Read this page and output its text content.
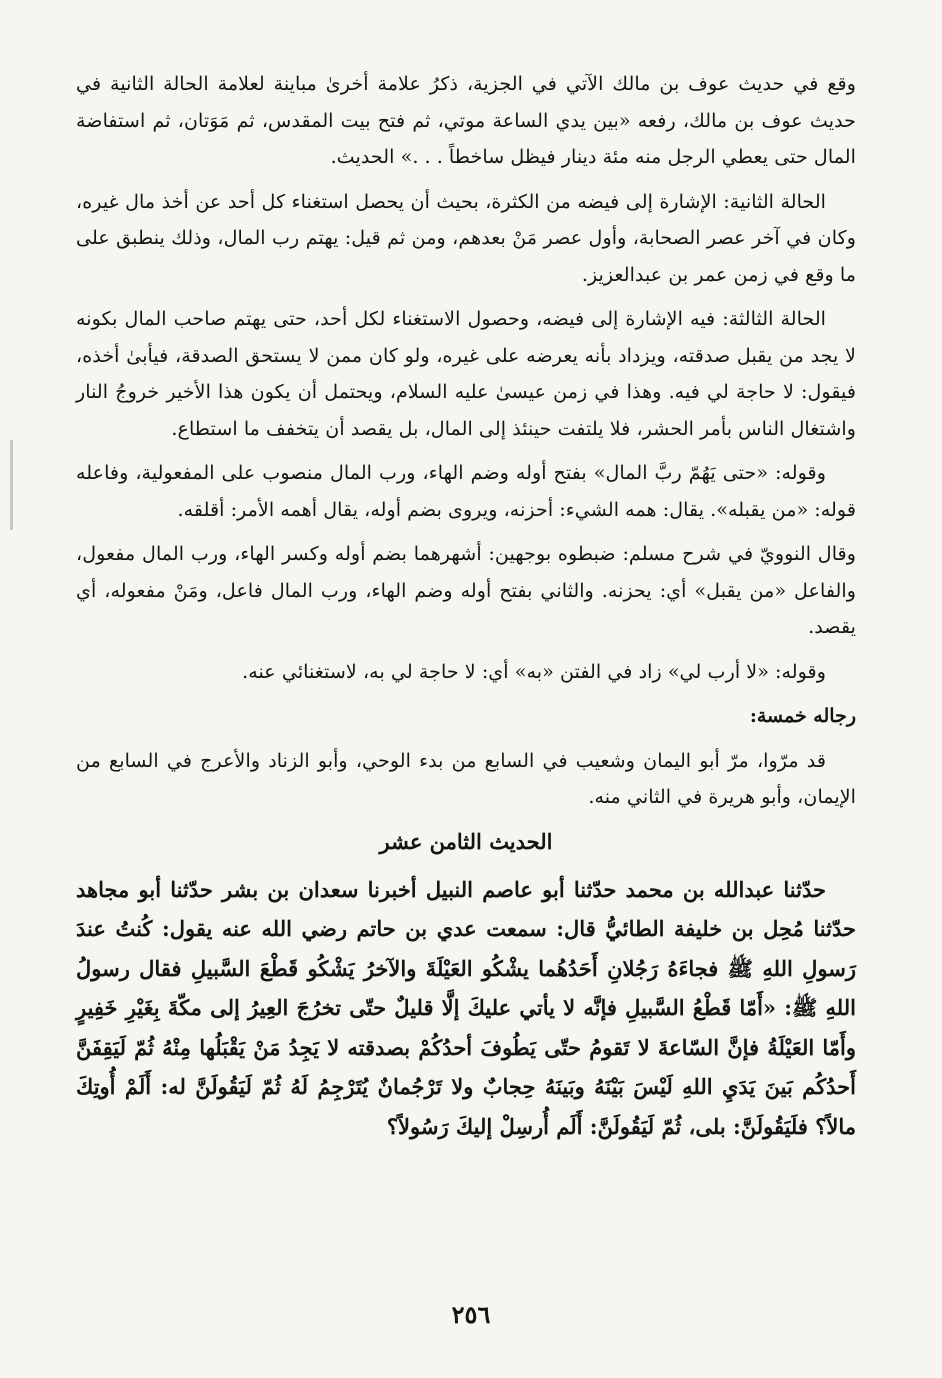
وقع في حديث عوف بن مالك الآتي في الجزية، ذكرُ علامة أخرىٰ مباينة لعلامة الحالة الثانية في حديث عوف بن مالك، رفعه «بين يدي الساعة موتي، ثم فتح بيت المقدس، ثم مَوَتان، ثم استفاضة المال حتى يعطي الرجل منه مئة دينار فيظل ساخطاً . . .» الحديث.

الحالة الثانية: الإشارة إلى فيضه من الكثرة، بحيث أن يحصل استغناء كل أحد عن أخذ مال غيره، وكان في آخر عصر الصحابة، وأول عصر مَنْ بعدهم، ومن ثم قيل: يهتم رب المال، وذلك ينطبق على ما وقع في زمن عمر بن عبدالعزيز.

الحالة الثالثة: فيه الإشارة إلى فيضه، وحصول الاستغناء لكل أحد، حتى يهتم صاحب المال بكونه لا يجد من يقبل صدقته، ويزداد بأنه يعرضه على غيره، ولو كان ممن لا يستحق الصدقة، فيأبىٰ أخذه، فيقول: لا حاجة لي فيه. وهذا في زمن عيسىٰ عليه السلام، ويحتمل أن يكون هذا الأخير خروجُ النار واشتغال الناس بأمر الحشر، فلا يلتفت حينئذ إلى المال، بل يقصد أن يتخفف ما استطاع.

وقوله: «حتى يَهُمّ ربَّ المال» بفتح أوله وضم الهاء، ورب المال منصوب على المفعولية، وفاعله قوله: «من يقبله». يقال: همه الشيء: أحزنه، ويروى بضم أوله، يقال أهمه الأمر: أقلقه.

وقال النوويّ في شرح مسلم: ضبطوه بوجهين: أشهرهما بضم أوله وكسر الهاء، ورب المال مفعول، والفاعل «من يقبل» أي: يحزنه. والثاني بفتح أوله وضم الهاء، ورب المال فاعل، ومَنْ مفعوله، أي يقصد.

وقوله: «لا أرب لي» زاد في الفتن «به» أي: لا حاجة لي به، لاستغنائي عنه.

رجاله خمسة:

قد مرّوا، مرّ أبو اليمان وشعيب في السابع من بدء الوحي، وأبو الزناد والأعرج في السابع من الإيمان، وأبو هريرة في الثاني منه.

الحديث الثامن عشر

حدّثنا عبدالله بن محمد حدّثنا أبو عاصم النبيل أخبرنا سعدان بن بشر حدّثنا أبو مجاهد حدّثنا مُحِل بن خليفة الطائيُّ قال: سمعت عدي بن حاتم رضي الله عنه يقول: كُنتُ عندَ رَسولِ اللهِ ﷺ فجاءَهُ رَجُلانِ أَحَدُهُما يشْكُو العَيْلَةَ والآخرُ يَشْكُو قَطْعَ السَّبيلِ فقال رسولُ اللهِ ﷺ: «أَمّا قَطْعُ السَّبيلِ فإنَّه لا يأتي عليكَ إلَّا قليلٌ حتّى تخرُجَ العِيرُ إلى مكّةَ بِغَيْرِ خَفِيرٍ وأَمّا العَيْلَةُ فإنَّ السّاعةَ لا تَقومُ حتّى يَطُوفَ أحدُكُمْ بصدقته لا يَجِدُ مَنْ يَقْبَلُها مِنْهُ ثُمّ لَيَقِفَنَّ أَحدُكُم بَينَ يَدَيِ اللهِ لَيْسَ بَيْنَهُ وبَينَهُ حِجابٌ ولا تَرْجُمانٌ يُتَرْجِمُ لَهُ ثُمّ لَيَقُولَنَّ له: أَلَمْ أُوتِكَ مالاً؟ فلَيَقُولَنَّ: بلى، ثُمّ لَيَقُولَنَّ: أَلَم أُرسِلْ إليكَ رَسُولاً؟

٢٥٦
